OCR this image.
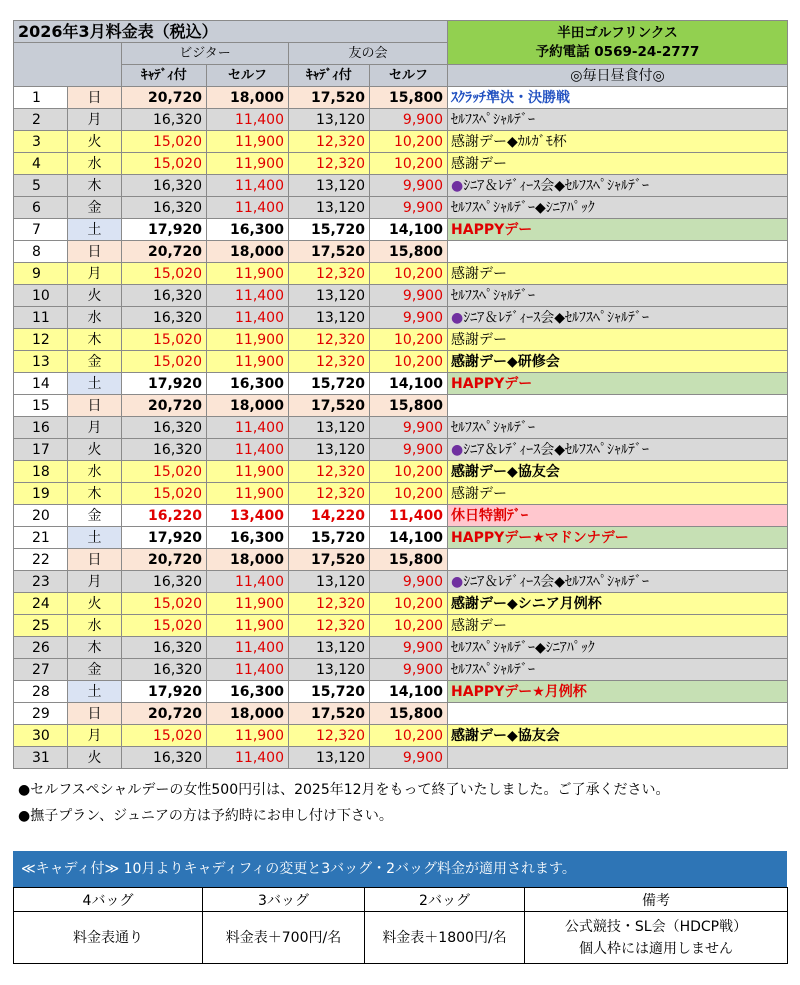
2026年3月料金表（税込）						半田ゴルフリンクス
予約電話 0569-24-2777

		ビジター		友の会		
		ｷｬﾃﾞｨ付	セルフ	ｷｬﾃﾞｨ付	セルフ	◎毎日昼食付◎
1	日	20,720	18,000	17,520	15,800	ｽｸﾗｯﾁ準決・決勝戦
2	月	16,320	11,400	13,120	9,900	ｾﾙﾌｽﾍﾟｼｬﾙﾃﾞｰ
3	火	15,020	11,900	12,320	10,200	感謝デー◆ｶﾙｶﾞﾓ杯
4	水	15,020	11,900	12,320	10,200	感謝デー
5	木	16,320	11,400	13,120	9,900	●ｼﾆｱ＆ﾚﾃﾞｨｰｽ会◆ｾﾙﾌｽﾍﾟｼｬﾙﾃﾞｰ
6	金	16,320	11,400	13,120	9,900	ｾﾙﾌｽﾍﾟｼｬﾙﾃﾞｰ◆ｼﾆｱﾊﾟｯｸ
7	土	17,920	16,300	15,720	14,100	HAPPYデー
8	日	20,720	18,000	17,520	15,800	
9	月	15,020	11,900	12,320	10,200	感謝デー
10	火	16,320	11,400	13,120	9,900	ｾﾙﾌｽﾍﾟｼｬﾙﾃﾞｰ
11	水	16,320	11,400	13,120	9,900	●ｼﾆｱ＆ﾚﾃﾞｨｰｽ会◆ｾﾙﾌｽﾍﾟｼｬﾙﾃﾞｰ
12	木	15,020	11,900	12,320	10,200	感謝デー
13	金	15,020	11,900	12,320	10,200	感謝デー◆研修会
14	土	17,920	16,300	15,720	14,100	HAPPYデー
15	日	20,720	18,000	17,520	15,800	
16	月	16,320	11,400	13,120	9,900	ｾﾙﾌｽﾍﾟｼｬﾙﾃﾞｰ
17	火	16,320	11,400	13,120	9,900	●ｼﾆｱ＆ﾚﾃﾞｨｰｽ会◆ｾﾙﾌｽﾍﾟｼｬﾙﾃﾞｰ
18	水	15,020	11,900	12,320	10,200	感謝デー◆協友会
19	木	15,020	11,900	12,320	10,200	感謝デー
20	金	16,220	13,400	14,220	11,400	休日特割ﾃﾞｰ
21	土	17,920	16,300	15,720	14,100	HAPPYデー★マドンナデー
22	日	20,720	18,000	17,520	15,800	
23	月	16,320	11,400	13,120	9,900	●ｼﾆｱ＆ﾚﾃﾞｨｰｽ会◆ｾﾙﾌｽﾍﾟｼｬﾙﾃﾞｰ
24	火	15,020	11,900	12,320	10,200	感謝デー◆シニア月例杯
25	水	15,020	11,900	12,320	10,200	感謝デー
26	木	16,320	11,400	13,120	9,900	ｾﾙﾌｽﾍﾟｼｬﾙﾃﾞｰ◆ｼﾆｱﾊﾟｯｸ
27	金	16,320	11,400	13,120	9,900	ｾﾙﾌｽﾍﾟｼｬﾙﾃﾞｰ
28	土	17,920	16,300	15,720	14,100	HAPPYデー★月例杯
29	日	20,720	18,000	17,520	15,800	
30	月	15,020	11,900	12,320	10,200	感謝デー◆協友会
31	火	16,320	11,400	13,120	9,900	
●セルフスペシャルデーの女性500円引は、2025年12月をもって終了いたしました。ご了承ください。
●撫子プラン、ジュニアの方は予約時にお申し付け下さい。
≪キャディ付≫ 10月よりキャディフィの変更と3バッグ・2バッグ料金が適用されます。
4バッグ	3バッグ	2バッグ	備考
料金表通り	料金表＋700円/名	料金表＋1800円/名	公式競技・SL会（HDCP戦）
個人枠には適用しません
